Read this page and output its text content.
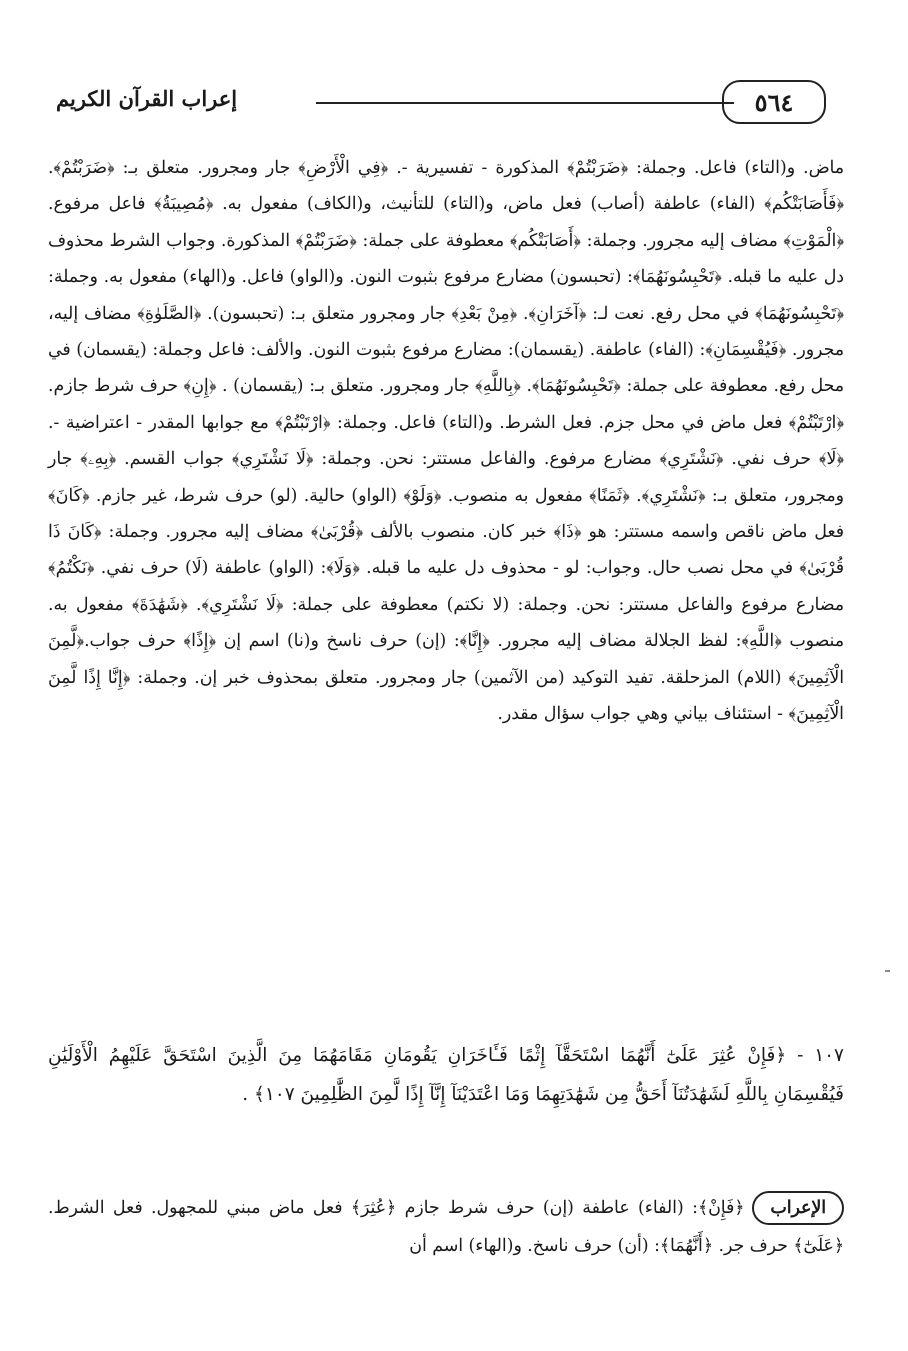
٥٦٤
إعراب القرآن الكريم

ماض. و(التاء) فاعل. وجملة: ﴿ضَرَبْتُمْ﴾ المذكورة - تفسيرية -. ﴿فِي الْأَرْضِ﴾ جار ومجرور. متعلق بـ: ﴿ضَرَبْتُمْ﴾. ﴿فَأَصَابَتْكُم﴾ (الفاء) عاطفة (أصاب) فعل ماض، و(التاء) للتأنيث، و(الكاف) مفعول به. ﴿مُصِيبَةُ﴾ فاعل مرفوع. ﴿الْمَوْتِ﴾ مضاف إليه مجرور. وجملة: ﴿أَصَابَتْكُم﴾ معطوفة على جملة: ﴿ضَرَبْتُمْ﴾ المذكورة. وجواب الشرط محذوف دل عليه ما قبله. ﴿تَحْبِسُونَهُمَا﴾: (تحبسون) مضارع مرفوع بثبوت النون. و(الواو) فاعل. و(الهاء) مفعول به. وجملة: ﴿تَحْبِسُونَهُمَا﴾ في محل رفع. نعت لـ: ﴿آخَرَانِ﴾. ﴿مِنْ بَعْدِ﴾ جار ومجرور متعلق بـ: (تحبسون). ﴿الصَّلَوٰةِ﴾ مضاف إليه، مجرور. ﴿فَيُقْسِمَانِ﴾: (الفاء) عاطفة. (يقسمان): مضارع مرفوع بثبوت النون. والألف: فاعل وجملة: (يقسمان) في محل رفع. معطوفة على جملة: ﴿تَحْبِسُونَهُمَا﴾. ﴿بِاللَّهِ﴾ جار ومجرور. متعلق بـ: (يقسمان) . ﴿إِنِ﴾ حرف شرط جازم. ﴿ارْتَبْتُمْ﴾ فعل ماض في محل جزم. فعل الشرط. و(التاء) فاعل. وجملة: ﴿ارْتَبْتُمْ﴾ مع جوابها المقدر - اعتراضية -. ﴿لَا﴾ حرف نفي. ﴿نَشْتَرِي﴾ مضارع مرفوع. والفاعل مستتر: نحن. وجملة: ﴿لَا نَشْتَرِي﴾ جواب القسم. ﴿بِهِۦ﴾ جار ومجرور، متعلق بـ: ﴿نَشْتَرِي﴾. ﴿ثَمَنًا﴾ مفعول به منصوب. ﴿وَلَوْ﴾ (الواو) حالية. (لو) حرف شرط، غير جازم. ﴿كَانَ﴾ فعل ماض ناقص واسمه مستتر: هو ﴿ذَا﴾ خبر كان. منصوب بالألف ﴿قُرْبَىٰ﴾ مضاف إليه مجرور. وجملة: ﴿كَانَ ذَا قُرْبَىٰ﴾ في محل نصب حال. وجواب: لو - محذوف دل عليه ما قبله. ﴿وَلَا﴾: (الواو) عاطفة (لَا) حرف نفي. ﴿نَكْتُمُ﴾ مضارع مرفوع والفاعل مستتر: نحن. وجملة: (لا نكتم) معطوفة على جملة: ﴿لَا نَشْتَرِي﴾. ﴿شَهَٰدَةَ﴾ مفعول به. منصوب ﴿اللَّهِ﴾: لفظ الجلالة مضاف إليه مجرور. ﴿إِنَّا﴾: (إن) حرف ناسخ و(نا) اسم إن ﴿إِذًا﴾ حرف جواب.﴿لَّمِنَ الْآثِمِينَ﴾ (اللام) المزحلقة. تفيد التوكيد (من الآثمين) جار ومجرور. متعلق بمحذوف خبر إن. وجملة: ﴿إِنَّا إِذًا لَّمِنَ الْآثِمِينَ﴾ - استئناف بياني وهي جواب سؤال مقدر.

١٠٧ - ﴿فَإِنْ عُثِرَ عَلَىٰٓ أَنَّهُمَا اسْتَحَقَّآ إِثْمًا فَـَٔاخَرَانِ يَقُومَانِ مَقَامَهُمَا مِنَ الَّذِينَ اسْتَحَقَّ عَلَيْهِمُ الْأَوْلَيَٰنِ فَيُقْسِمَانِ بِاللَّهِ لَشَهَٰدَتُنَآ أَحَقُّ مِن شَهَٰدَتِهِمَا وَمَا اعْتَدَيْنَآ إِنَّآ إِذًا لَّمِنَ الظَّٰلِمِينَ ١٠٧﴾ .

الإعراب﴿فَإِنْ﴾: (الفاء) عاطفة (إن) حرف شرط جازم ﴿عُثِرَ﴾ فعل ماض مبني للمجهول. فعل الشرط. ﴿عَلَىٰٓ﴾ حرف جر. ﴿أَنَّهُمَا﴾: (أن) حرف ناسخ. و(الهاء) اسم أن
